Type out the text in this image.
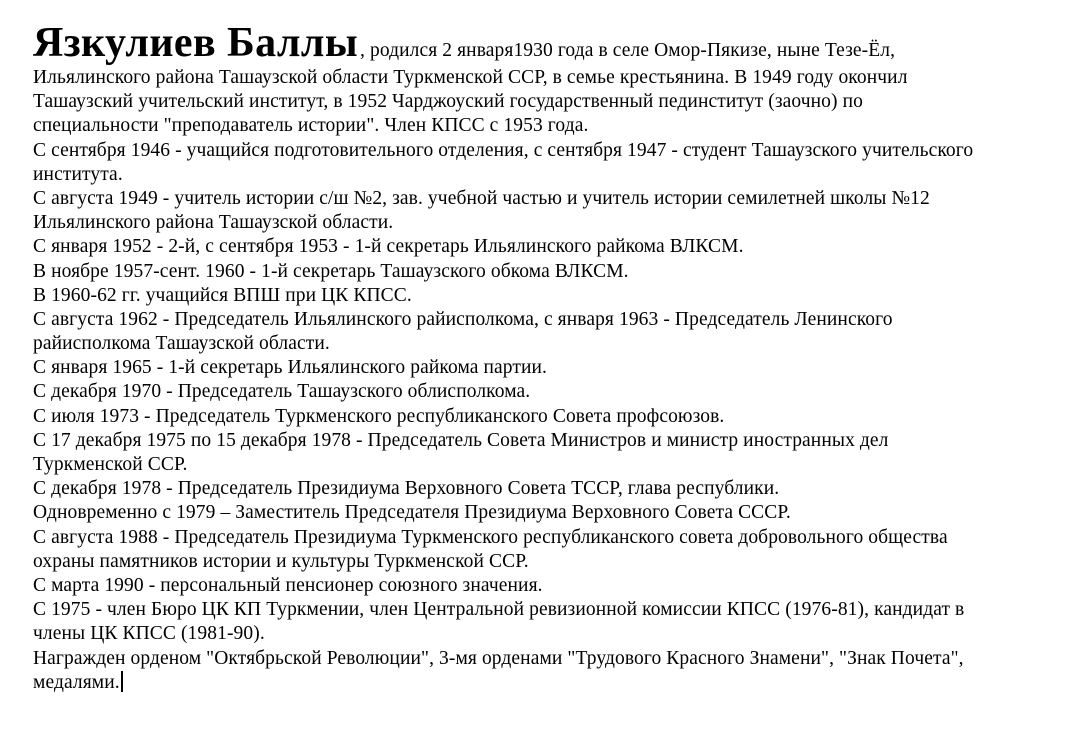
Язкулиев Баллы , родился 2 января1930 года в селе Омор-Пякизе, ныне Тезе-Ёл,
Ильялинского района Ташаузской области Туркменской ССР, в семье крестьянина. В 1949 году окончил
Ташаузский учительский институт, в 1952 Чарджоуский государственный пединститут (заочно) по
специальности "преподаватель истории". Член КПСС с 1953 года.
С сентября 1946 - учащийся подготовительного отделения, с сентября 1947 - студент Ташаузского учительского
института.
С августа 1949 - учитель истории с/ш №2, зав. учебной частью и учитель истории семилетней школы №12
Ильялинского района Ташаузской области.
С января 1952 - 2-й, с сентября 1953 - 1-й секретарь Ильялинского райкома ВЛКСМ.
В ноябре 1957-сент. 1960 - 1-й секретарь Ташаузского обкома ВЛКСМ.
В 1960-62 гг. учащийся ВПШ при ЦК КПСС.
С августа 1962 - Председатель Ильялинского райисполкома, с января 1963 - Председатель Ленинского
райисполкома Ташаузской области.
С января 1965 - 1-й секретарь Ильялинского райкома партии.
С декабря 1970 - Председатель Ташаузского облисполкома.
С июля 1973 - Председатель Туркменского республиканского Совета профсоюзов.
С 17 декабря 1975 по 15 декабря 1978 - Председатель Совета Министров и министр иностранных дел
Туркменской ССР.
С декабря 1978 - Председатель Президиума Верховного Совета ТССР, глава республики.
Одновременно с 1979 – Заместитель Председателя Президиума Верховного Совета СССР.
С августа 1988 - Председатель Президиума Туркменского республиканского совета добровольного общества
охраны памятников истории и культуры Туркменской ССР.
С марта 1990 - персональный пенсионер союзного значения.
С 1975 - член Бюро ЦК КП Туркмении, член Центральной ревизионной комиссии КПСС (1976-81), кандидат в
члены ЦК КПСС (1981-90).
Награжден орденом "Октябрьской Революции", 3-мя орденами "Трудового Красного Знамени", "Знак Почета",
медалями.
